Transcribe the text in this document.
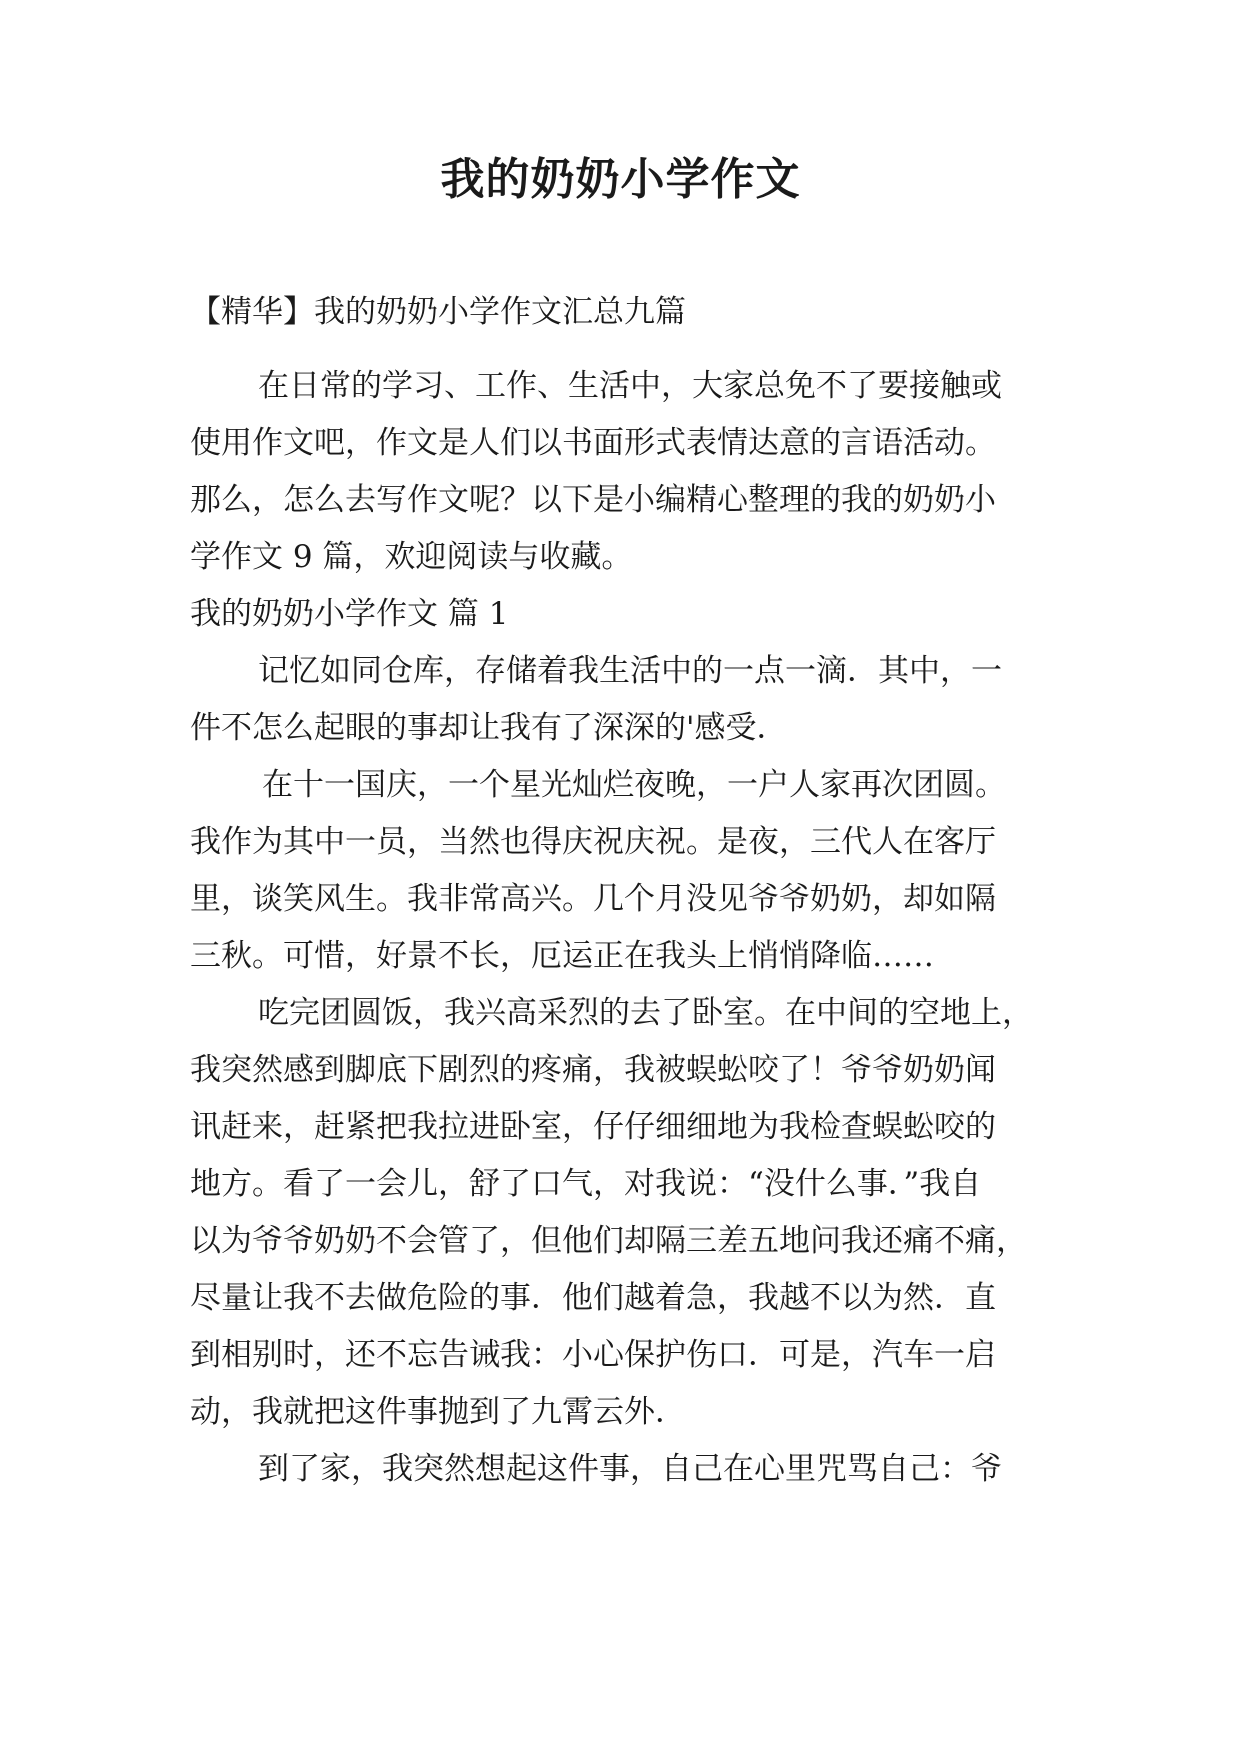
我的奶奶小学作文

【精华】我的奶奶小学作文汇总九篇

在日常的学习、工作、生活中，大家总免不了要接触或

使用作文吧，作文是人们以书面形式表情达意的言语活动。

那么，怎么去写作文呢？以下是小编精心整理的我的奶奶小

学作文 9 篇，欢迎阅读与收藏。

我的奶奶小学作文 篇 1

记忆如同仓库，存储着我生活中的一点一滴．其中，一

件不怎么起眼的事却让我有了深深的'感受．

在十一国庆，一个星光灿烂夜晚，一户人家再次团圆。

我作为其中一员，当然也得庆祝庆祝。是夜，三代人在客厅

里，谈笑风生。我非常高兴。几个月没见爷爷奶奶，却如隔

三秋。可惜，好景不长，厄运正在我头上悄悄降临……

吃完团圆饭，我兴高采烈的去了卧室。在中间的空地上，

我突然感到脚底下剧烈的疼痛，我被蜈蚣咬了！爷爷奶奶闻

讯赶来，赶紧把我拉进卧室，仔仔细细地为我检查蜈蚣咬的

地方。看了一会儿，舒了口气，对我说：“没什么事．”我自

以为爷爷奶奶不会管了，但他们却隔三差五地问我还痛不痛，

尽量让我不去做危险的事．他们越着急，我越不以为然．直

到相别时，还不忘告诫我：小心保护伤口．可是，汽车一启

动，我就把这件事抛到了九霄云外．

到了家，我突然想起这件事，自己在心里咒骂自己：爷
